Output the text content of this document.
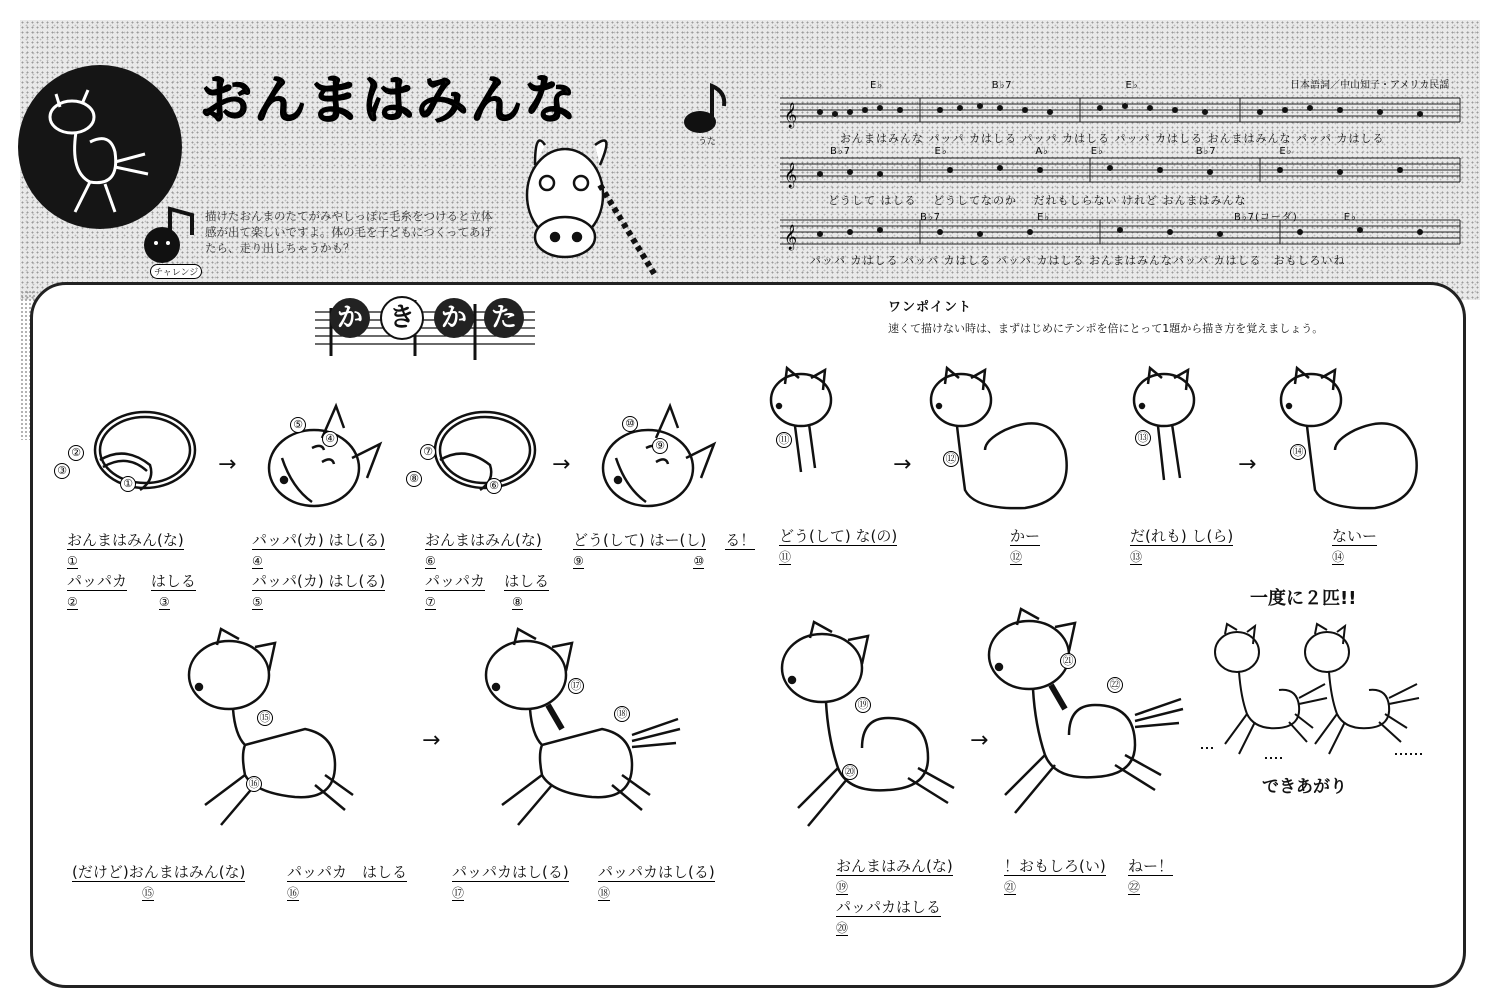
おんまはみんな
うた
日本語詞／中山知子・アメリカ民謡
𝄞
𝄞
𝄞
E♭	B♭7	E♭
おんまはみんな パッパ カはしる パッパ カはしる パッパ カはしる おんまはみんな パッパ カはしる
B♭7	E♭	A♭	E♭	B♭7	E♭
どうして はしる　 どうしてなのか　 だれもしらない けれど おんまはみんな
B♭7	E♭	B♭7(コーダ)	E♭
パッパ カはしる パッパ カはしる パッパ カはしる おんまはみんなパッパ カはしる　おもしろいね
チャレンジ
描けたおんまのたてがみやしっぽに毛糸をつけると立体感が出て楽しいですよ。体の毛を子どもにつくってあげたら、走り出しちゃうかも？
か き か た	ワンポイント
速くて描けない時は、まずはじめにテンポを倍にとって1題から描き方を覚えましょう。
→	→	→	→
①
②
③
④
⑤
⑥
⑦
⑧
⑨
⑩
⑪
⑫
⑬
⑭
おんまはみん(な)
①
パッパカ はしる
②	③
パッパ(カ) はし(る)
④
パッパ(カ) はし(る)
⑤
おんまはみん(な)
⑥
パッパカ はしる
⑦	⑧
どう(して) はー(し) る！
⑨	⑩
どう(して) な(の)
⑪
かー
⑫
だ(れも) し(ら)
⑬
ないー
⑭
→	→
一度に２匹!!
できあがり
⑮
⑯
⑰
⑱
⑲
⑳
㉑
㉒
(だけど)おんまはみん(な)
⑮
パッパカ　はしる
⑯
パッパカはし(る)
⑰
パッパカはし(る)
⑱
おんまはみん(な)
⑲
パッパカはしる
⑳
！おもしろ(い)
㉑
ねー！
㉒
